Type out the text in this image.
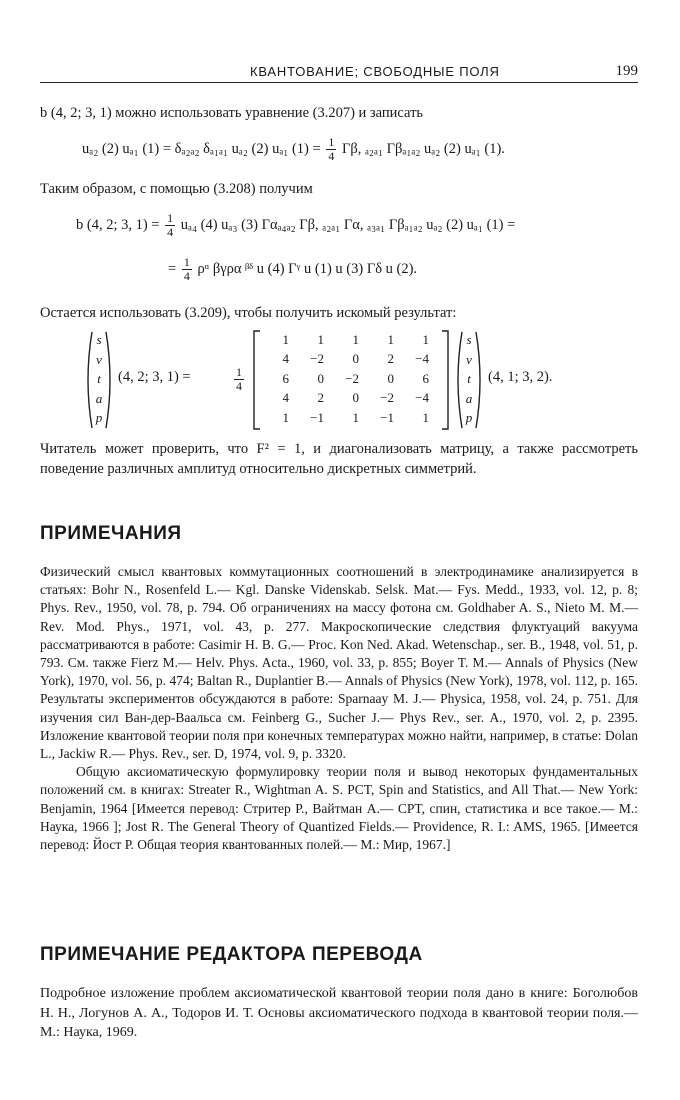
КВАНТОВАНИЕ; СВОБОДНЫЕ ПОЛЯ	199
b (4, 2; 3, 1) можно использовать уравнение (3.207) и записать
uₐ₂ (2) uₐ₁ (1) = δₐ₂ₐ₂ δₐ₁ₐ₁ uₐ₂ (2) uₐ₁ $(1) = \frac{1}{4} \Gamma\beta$, ₐ₂ₐ₁ Γβₐ₁ₐ₂ uₐ₂ (2) uₐ₁ (1).
Таким образом, с помощью (3.208) получим
b (4, 2; 3, $1) = \frac{1}{4} u_{a4}$ (4) uₐ₃ (3) Γαₐ₄ₐ₂ Γβ, ₐ₂ₐ₁ Γα, ₐ₃ₐ₁ Γβₐ₁ₐ₂ uₐ₂ (2) uₐ₁ (1) =
= $\frac{1}{4}$ ρᵅ βγρα ᵝᵟ u (4) Γᵞ u (1) u (3) Γδ u (2).
Остается использовать (3.209), чтобы получить искомый результат:
s
v
t
a
p
(4, 2; 3, 1) =	$\frac{1}{4}$
1	1	1	1	1
4	−2	0	2	−4
6	0	−2	0	6
4	2	0	−2	−4
1	−1	1	−1	1
s
v
t
a
p
(4, 1; 3, 2).
Читатель может проверить, что F² = 1, и диагонализовать матрицу, а также рассмотреть поведение различных амплитуд относительно дискретных симметрий.
ПРИМЕЧАНИЯ

Физический смысл квантовых коммутационных соотношений в электродинамике анализируется в статьях: Bohr N., Rosenfeld L.— Kgl. Danske Videnskаb. Selsk. Mat.— Fys. Medd., 1933, vol. 12, p. 8; Phys. Rev., 1950, vol. 78, p. 794. Об ограничениях на массу фотона см. Goldhaber A. S., Nieto M. M.— Rev. Mod. Phys., 1971, vol. 43, p. 277. Макроскопические следствия флуктуаций вакуума рассматриваются в работе: Casimir H. B. G.— Proc. Kon Ned. Akad. Wetenschap., ser. B., 1948, vol. 51, p. 793. См. также Fierz M.— Helv. Phys. Acta., 1960, vol. 33, p. 855; Boyer T. M.— Annals of Physics (New York), 1970, vol. 56, p. 474; Baltan R., Duplantier B.— Annals of Physics (New York), 1978, vol. 112, p. 165. Результаты экспериментов обсуждаются в работе: Sparnaay M. J.— Physica, 1958, vol. 24, p. 751. Для изучения сил Ван-дер-Ваальса см. Feinberg G., Sucher J.— Phys Rev., ser. A., 1970, vol. 2, p. 2395. Изложение квантовой теории поля при конечных температурах можно найти, например, в статье: Dolan L., Jackiw R.— Phys. Rev., ser. D, 1974, vol. 9, p. 3320.

Общую аксиоматическую формулировку теории поля и вывод некоторых фундаментальных положений см. в книгах: Streater R., Wightman A. S. PCT, Spin and Statistics, and All That.— New York: Benjamin, 1964 [Имеется перевод: Стритер Р., Вайтман А.— CPT, спин, статистика и все такое.— М.: Наука, 1966 ]; Jost R. The General Theory of Quantized Fields.— Providence, R. I.: AMS, 1965. [Имеется перевод: Йост Р. Общая теория квантованных полей.— М.: Мир, 1967.]

ПРИМЕЧАНИЕ РЕДАКТОРА ПЕРЕВОДА
Подробное изложение проблем аксиоматической квантовой теории поля дано в книге: Боголюбов Н. Н., Логунов А. А., Тодоров И. Т. Основы аксиоматического подхода в квантовой теории поля.— М.: Наука, 1969.
